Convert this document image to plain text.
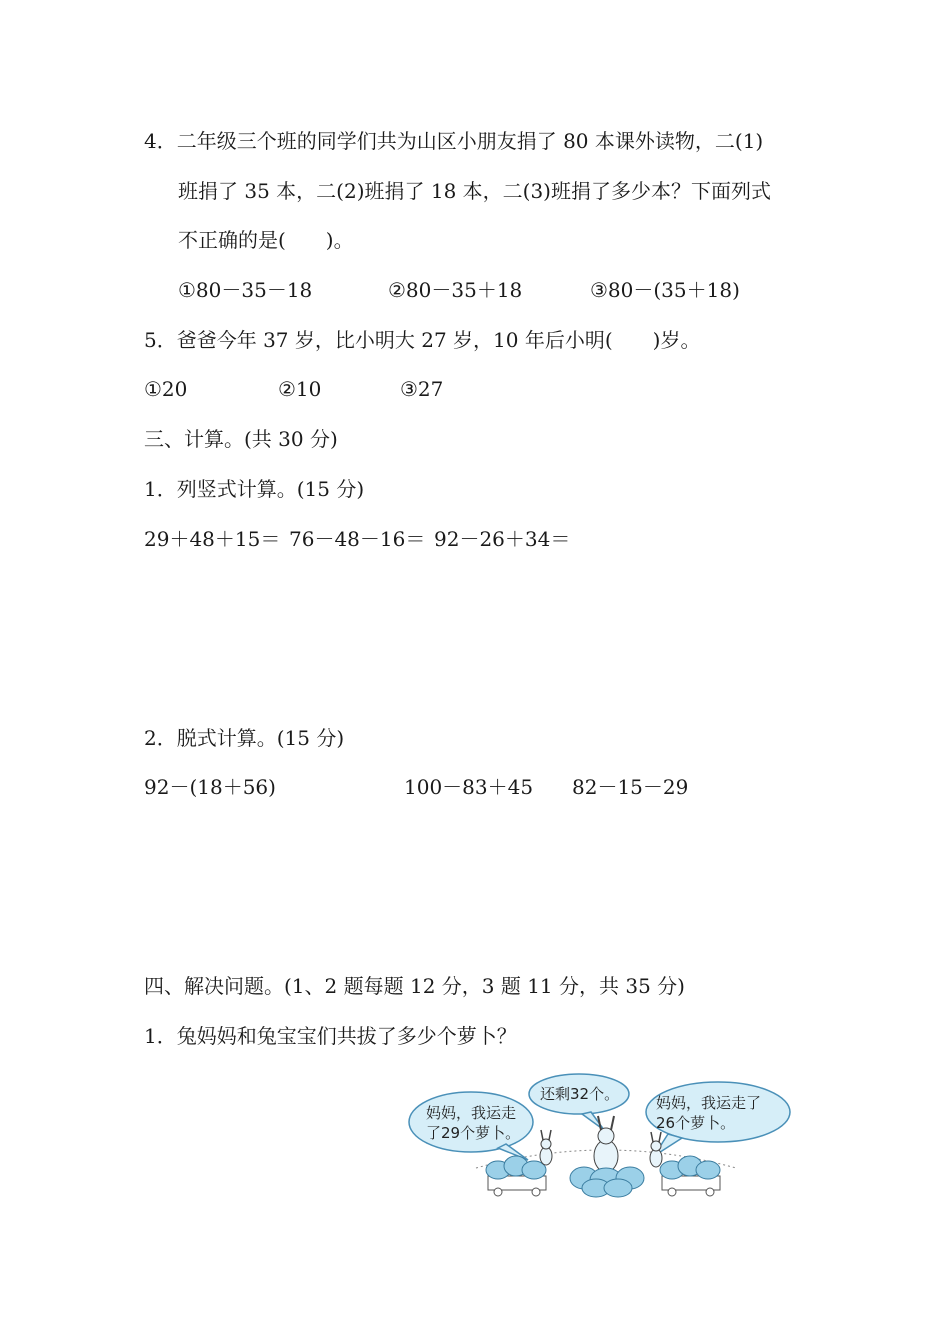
4．二年级三个班的同学们共为山区小朋友捐了 80 本课外读物，二(1)
班捐了 35 本，二(2)班捐了 18 本，二(3)班捐了多少本？下面列式
不正确的是(　　)。
①80－35－18	②80－35＋18	③80－(35＋18)
5．爸爸今年 37 岁，比小明大 27 岁，10 年后小明(　　)岁。
①20	②10	③27
三、计算。(共 30 分)
1．列竖式计算。(15 分)
29＋48＋15＝ 76－48－16＝ 92－26＋34＝
2．脱式计算。(15 分)
92－(18＋56)	100－83＋45 82－15－29
四、解决问题。(1、2 题每题 12 分，3 题 11 分，共 35 分)
1．兔妈妈和兔宝宝们共拔了多少个萝卜？
妈妈，我运走
了29个萝卜。
还剩32个。 妈妈，我运走了
26个萝卜。
